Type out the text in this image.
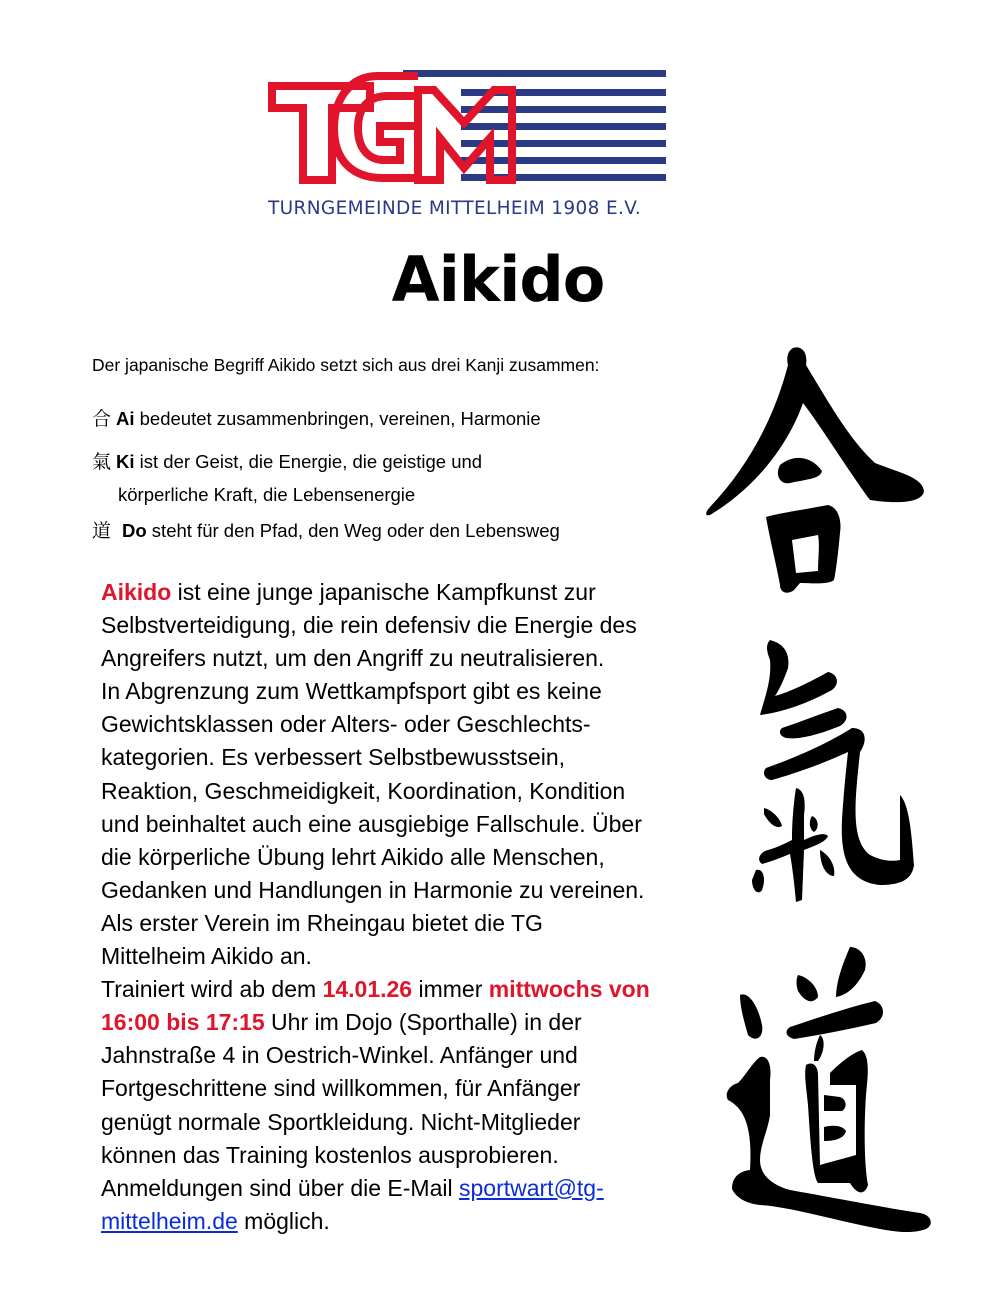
TURNGEMEINDE MITTELHEIM 1908 E.V.
Aikido
Der japanische Begriff Aikido setzt sich aus drei Kanji zusammen:
合 Ai bedeutet zusammenbringen, vereinen, Harmonie
氣 Ki ist der Geist, die Energie, die geistige und
körperliche Kraft, die Lebensenergie
道 Do steht für den Pfad, den Weg oder den Lebensweg

Aikido ist eine junge japanische Kampfkunst zur

Selbstverteidigung, die rein defensiv die Energie des

Angreifers nutzt, um den Angriff zu neutralisieren.

In Abgrenzung zum Wettkampfsport gibt es keine

Gewichtsklassen oder Alters- oder Geschlechts-

kategorien. Es verbessert Selbstbewusstsein,

Reaktion, Geschmeidigkeit, Koordination, Kondition

und beinhaltet auch eine ausgiebige Fallschule. Über

die körperliche Übung lehrt Aikido alle Menschen,

Gedanken und Handlungen in Harmonie zu vereinen.

Als erster Verein im Rheingau bietet die TG

Mittelheim Aikido an.

Trainiert wird ab dem 14.01.26 immer mittwochs von

16:00 bis 17:15 Uhr im Dojo (Sporthalle) in der

Jahnstraße 4 in Oestrich-Winkel. Anfänger und

Fortgeschrittene sind willkommen, für Anfänger

genügt normale Sportkleidung. Nicht-Mitglieder

können das Training kostenlos ausprobieren.

Anmeldungen sind über die E-Mail sportwart@tg-

mittelheim.de möglich.
